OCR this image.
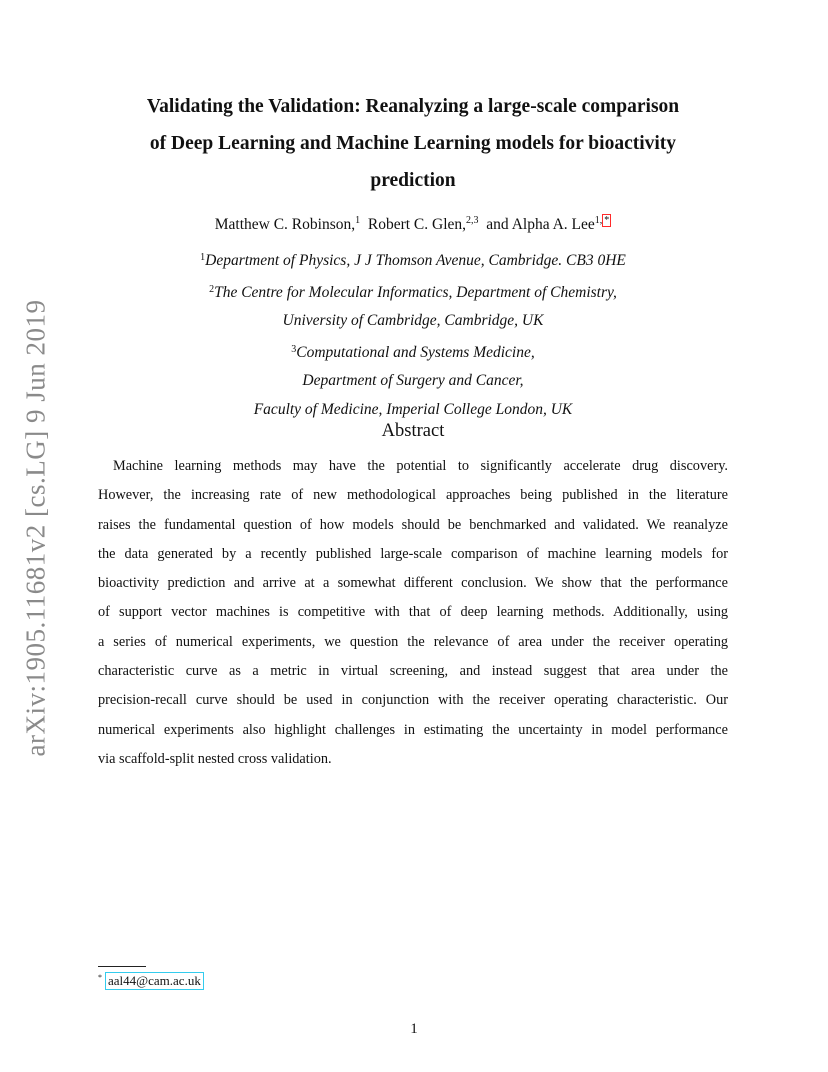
arXiv:1905.11681v2 [cs.LG] 9 Jun 2019
Validating the Validation: Reanalyzing a large-scale comparison
of Deep Learning and Machine Learning models for bioactivity
prediction
Matthew C. Robinson,$^1$ Robert C. Glen,$^{2,3}$ and Alpha A. Lee$^{1,}$ *
$^1$Department of Physics, J J Thomson Avenue, Cambridge. CB3 0HE
$^2$The Centre for Molecular Informatics, Department of Chemistry,
University of Cambridge, Cambridge, UK
$^3$Computational and Systems Medicine,
Department of Surgery and Cancer,
Faculty of Medicine, Imperial College London, UK
Abstract
Machine learning methods may have the potential to significantly accelerate drug discovery.
However, the increasing rate of new methodological approaches being published in the literature
raises the fundamental question of how models should be benchmarked and validated. We reanalyze
the data generated by a recently published large-scale comparison of machine learning models for
bioactivity prediction and arrive at a somewhat different conclusion. We show that the performance
of support vector machines is competitive with that of deep learning methods. Additionally, using
a series of numerical experiments, we question the relevance of area under the receiver operating
characteristic curve as a metric in virtual screening, and instead suggest that area under the
precision-recall curve should be used in conjunction with the receiver operating characteristic. Our
numerical experiments also highlight challenges in estimating the uncertainty in model performance
via scaffold-split nested cross validation.
* aal44@cam.ac.uk
1
